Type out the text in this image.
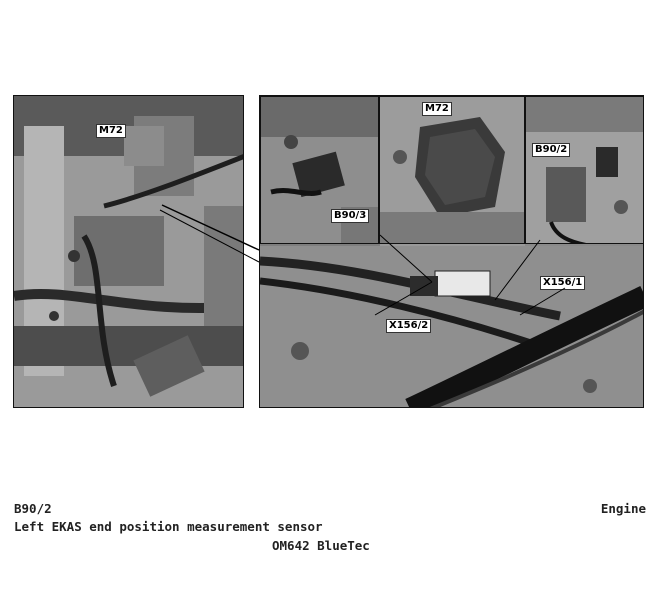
M72
B90/3
M72
B90/2
X156/1
X156/2
B90/2
Left EKAS end position measurement sensor
OM642 BlueTec
Engine
